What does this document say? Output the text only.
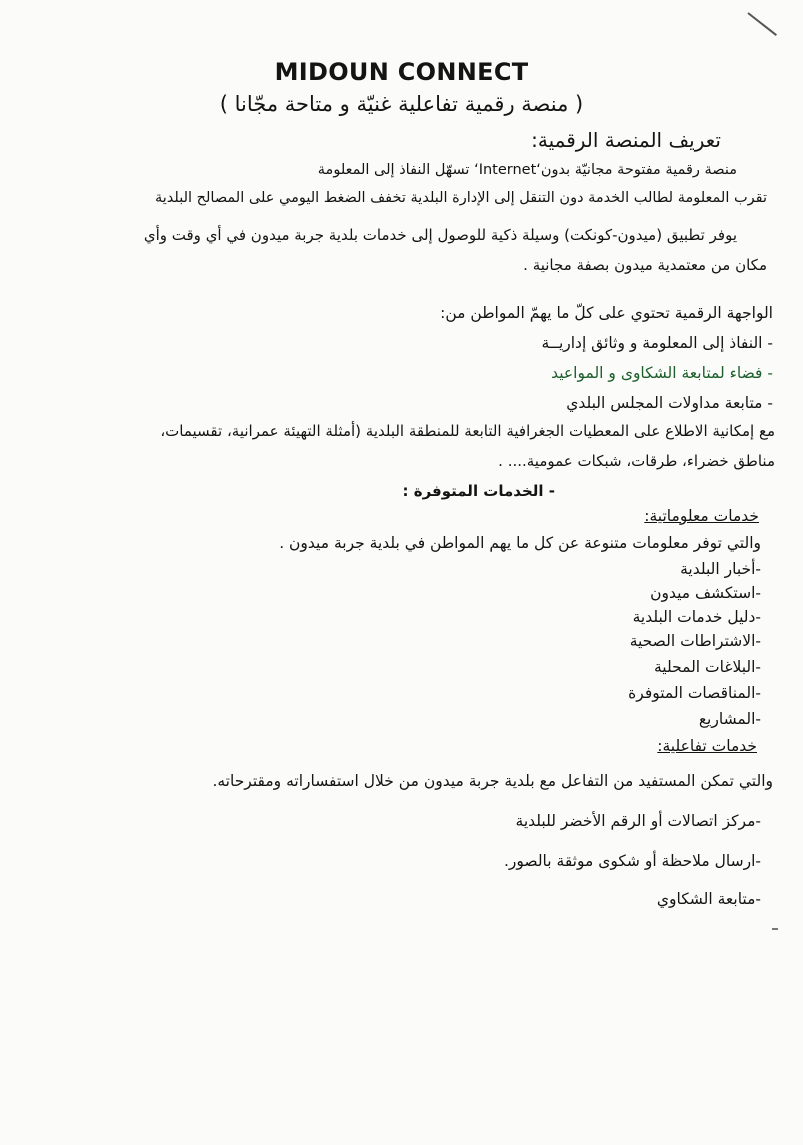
MIDOUN CONNECT
( منصة رقمية تفاعلية غنيّة و متاحة مجّانا )
تعريف المنصة الرقمية:
منصة رقمية مفتوحة مجانيّة بدون‘Internet‘ تسهّل النفاذ إلى المعلومة
تقرب المعلومة لطالب الخدمة دون التنقل إلى الإدارة البلدية تخفف الضغط اليومي على المصالح البلدية
يوفر تطبيق (ميدون-كونكت) وسيلة ذكية للوصول إلى خدمات بلدية جربة ميدون في أي وقت وأي
مكان من معتمدية ميدون بصفة مجانية .
الواجهة الرقمية تحتوي على كلّ ما يهمّ المواطن من:
- النفاذ إلى المعلومة و وثائق إداريــة
- فضاء لمتابعة الشكاوى و المواعيد
- متابعة مداولات المجلس البلدي
مع إمكانية الاطلاع على المعطيات الجغرافية التابعة للمنطقة البلدية (أمثلة التهيئة عمرانية، تقسيمات،
مناطق خضراء، طرقات، شبكات عمومية.... .
- الخدمات المتوفرة :
خدمات معلوماتية:
والتي توفر معلومات متنوعة عن كل ما يهم المواطن في بلدية جربة ميدون .
-أخبار البلدية
-استكشف ميدون
-دليل خدمات البلدية
-الاشتراطات الصحية
-البلاغات المحلية
-المناقصات المتوفرة
-المشاريع
خدمات تفاعلية:
والتي تمكن المستفيد من التفاعل مع بلدية جربة ميدون من خلال استفساراته ومقترحاته.
-مركز اتصالات أو الرقم الأخضر للبلدية
-ارسال ملاحظة أو شكوى موثقة بالصور.
-متابعة الشكاوي
